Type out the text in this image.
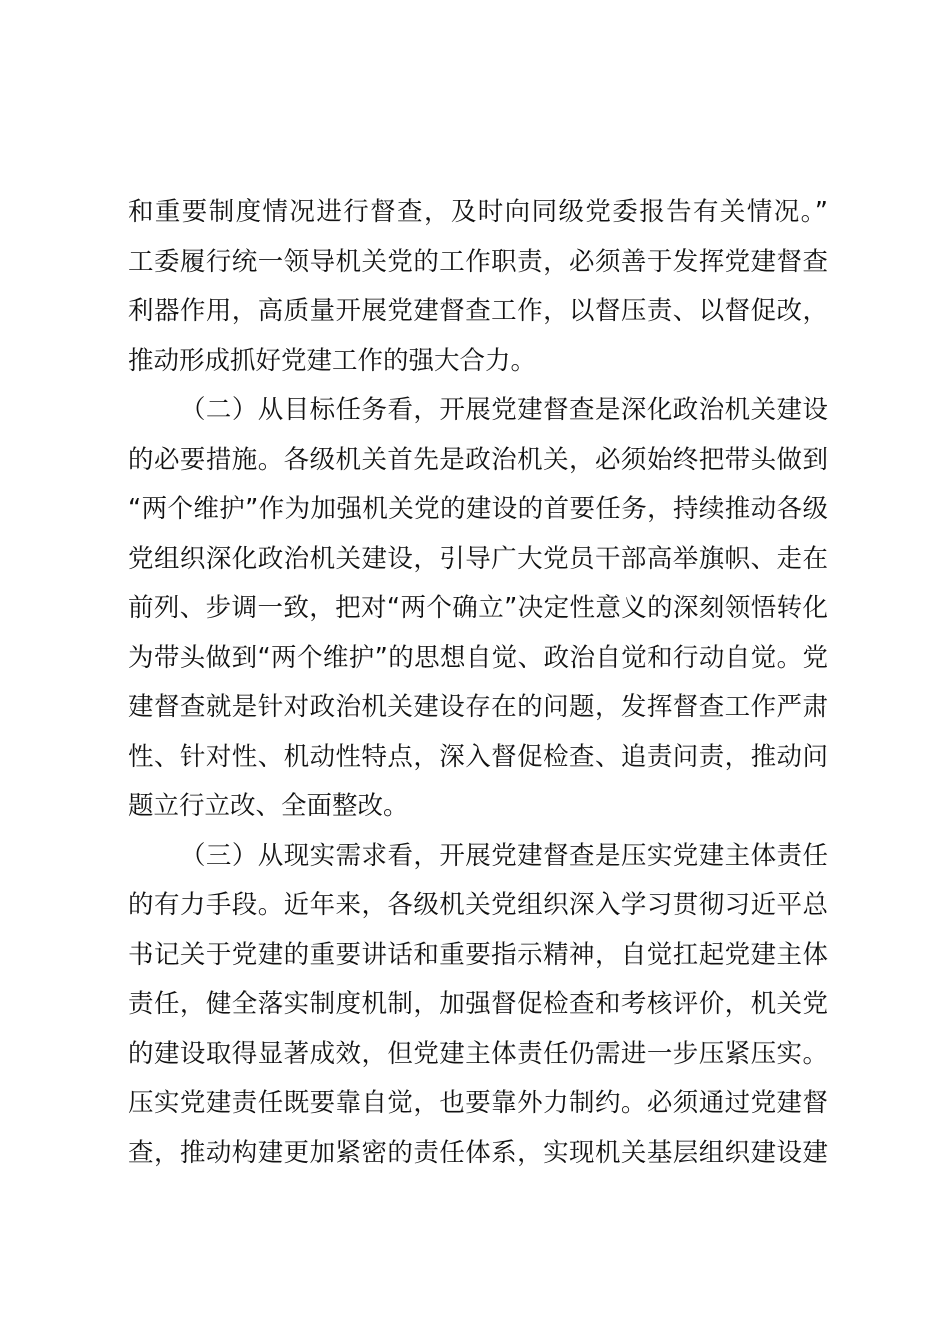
和重要制度情况进行督查，及时向同级党委报告有关情况。”
工委履行统一领导机关党的工作职责，必须善于发挥党建督查
利器作用，高质量开展党建督查工作，以督压责、以督促改，
推动形成抓好党建工作的强大合力。
（二）从目标任务看，开展党建督查是深化政治机关建设
的必要措施。各级机关首先是政治机关，必须始终把带头做到
“两个维护”作为加强机关党的建设的首要任务，持续推动各级
党组织深化政治机关建设，引导广大党员干部高举旗帜、走在
前列、步调一致，把对“两个确立”决定性意义的深刻领悟转化
为带头做到“两个维护”的思想自觉、政治自觉和行动自觉。党
建督查就是针对政治机关建设存在的问题，发挥督查工作严肃
性、针对性、机动性特点，深入督促检查、追责问责，推动问
题立行立改、全面整改。
（三）从现实需求看，开展党建督查是压实党建主体责任
的有力手段。近年来，各级机关党组织深入学习贯彻习近平总
书记关于党建的重要讲话和重要指示精神，自觉扛起党建主体
责任，健全落实制度机制，加强督促检查和考核评价，机关党
的建设取得显著成效，但党建主体责任仍需进一步压紧压实。
压实党建责任既要靠自觉，也要靠外力制约。必须通过党建督
查，推动构建更加紧密的责任体系，实现机关基层组织建设建
